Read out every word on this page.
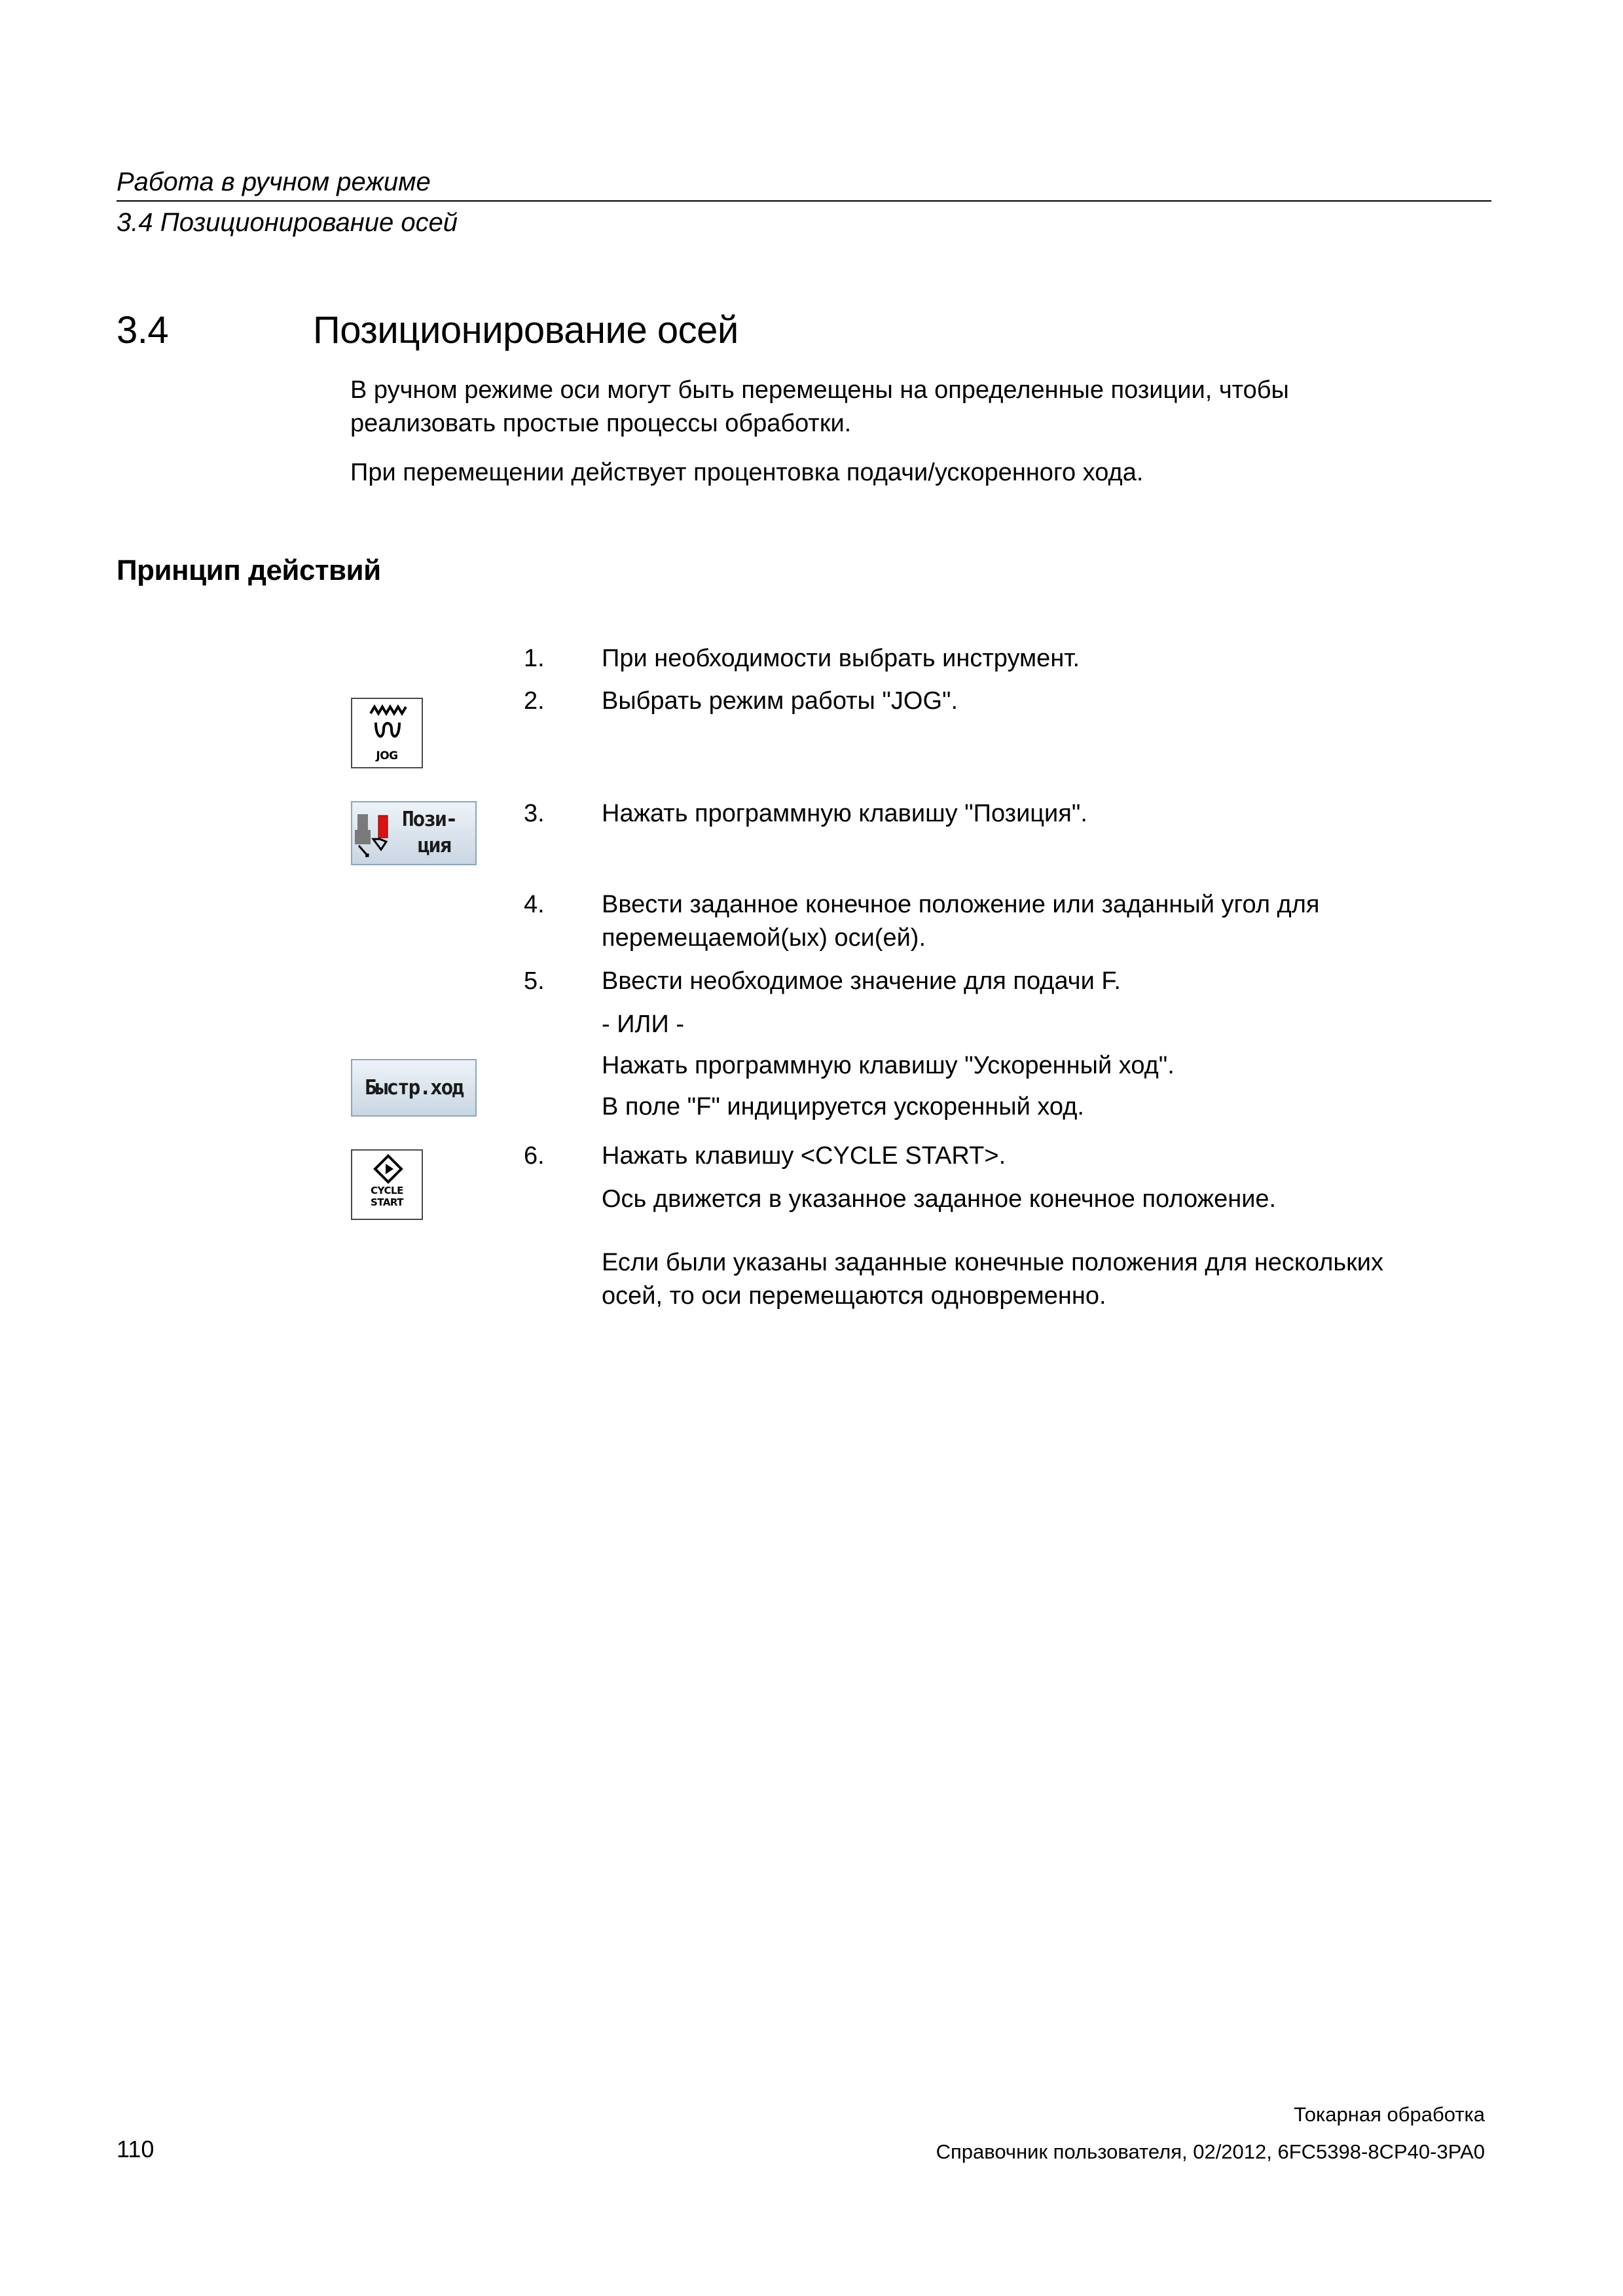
Работа в ручном режиме
3.4 Позиционирование осей
3.4	Позиционирование осей
В ручном режиме оси могут быть перемещены на определенные позиции, чтобы
реализовать простые процессы обработки.
При перемещении действует процентовка подачи/ускоренного хода.
Принцип действий
1. При необходимости выбрать инструмент.
2. Выбрать режим работы "JOG".
JOG
3. Нажать программную клавишу "Позиция".
Пози-
ция
4. Ввести заданное конечное положение или заданный угол для
перемещаемой(ых) оси(ей).
5. Ввести необходимое значение для подачи F.
- ИЛИ -
Нажать программную клавишу "Ускоренный ход".
В поле "F" индицируется ускоренный ход.
Быстр.ход
6. Нажать клавишу <CYCLE START>.
Ось движется в указанное заданное конечное положение.
Если были указаны заданные конечные положения для нескольких
осей, то оси перемещаются одновременно.
CYCLE
START
Токарная обработка
110	Справочник пользователя, 02/2012, 6FC5398-8CP40-3PA0
